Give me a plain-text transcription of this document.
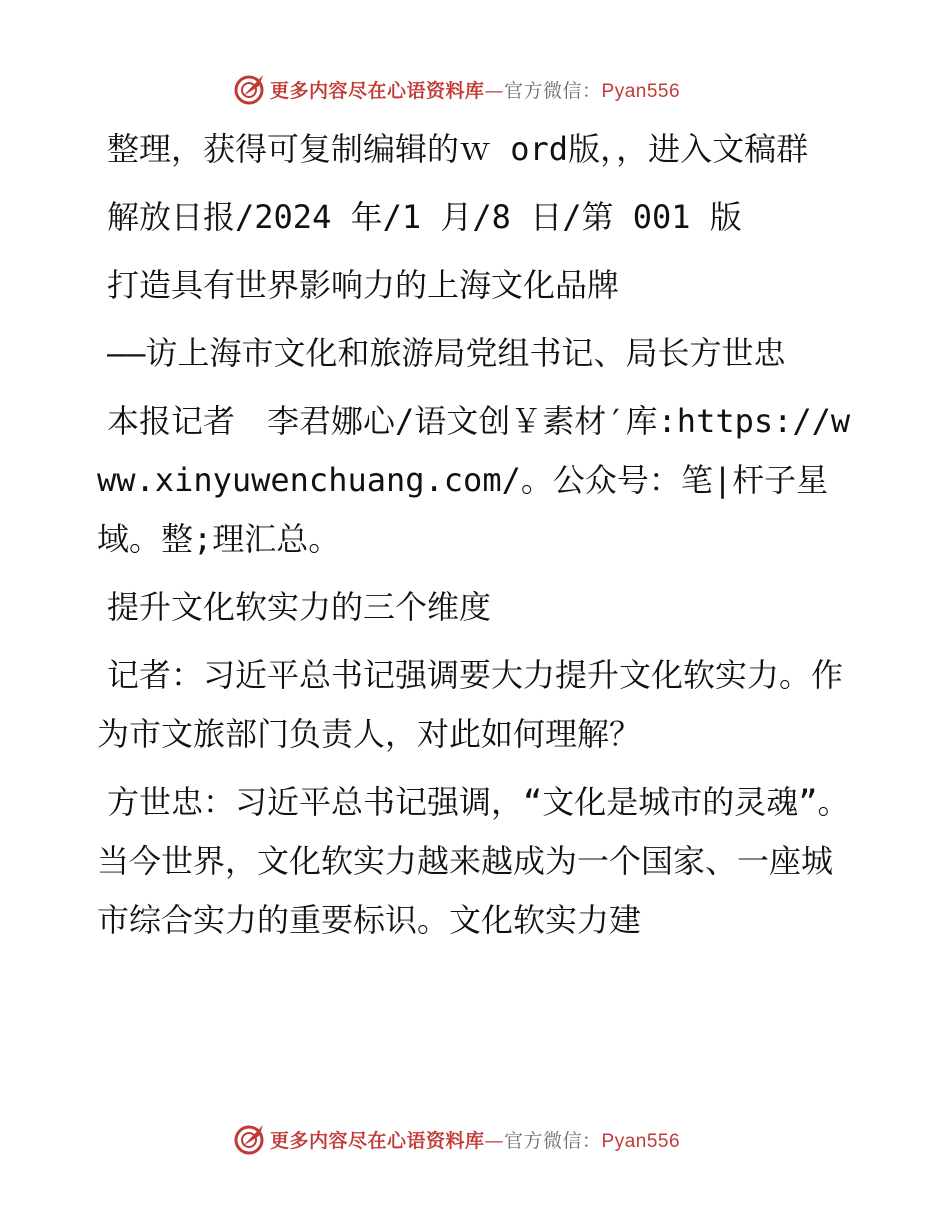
更多内容尽在心语资料库—官方微信：Pyan556

整理，获得可复制编辑的ｗ ord版，，进入文稿群

解放日报/2024 年/1 月/8 日/第 001 版

打造具有世界影响力的上海文化品牌

——访上海市文化和旅游局党组书记、局长方世忠

本报记者　李君娜心/语文创￥素材′库:https://www.xinyuwenchuang.com/。公众号：笔|杆子星域。整;理汇总。

提升文化软实力的三个维度

记者：习近平总书记强调要大力提升文化软实力。作为市文旅部门负责人，对此如何理解？

方世忠：习近平总书记强调，“文化是城市的灵魂”。当今世界，文化软实力越来越成为一个国家、一座城市综合实力的重要标识。文化软实力建

更多内容尽在心语资料库—官方微信：Pyan556
